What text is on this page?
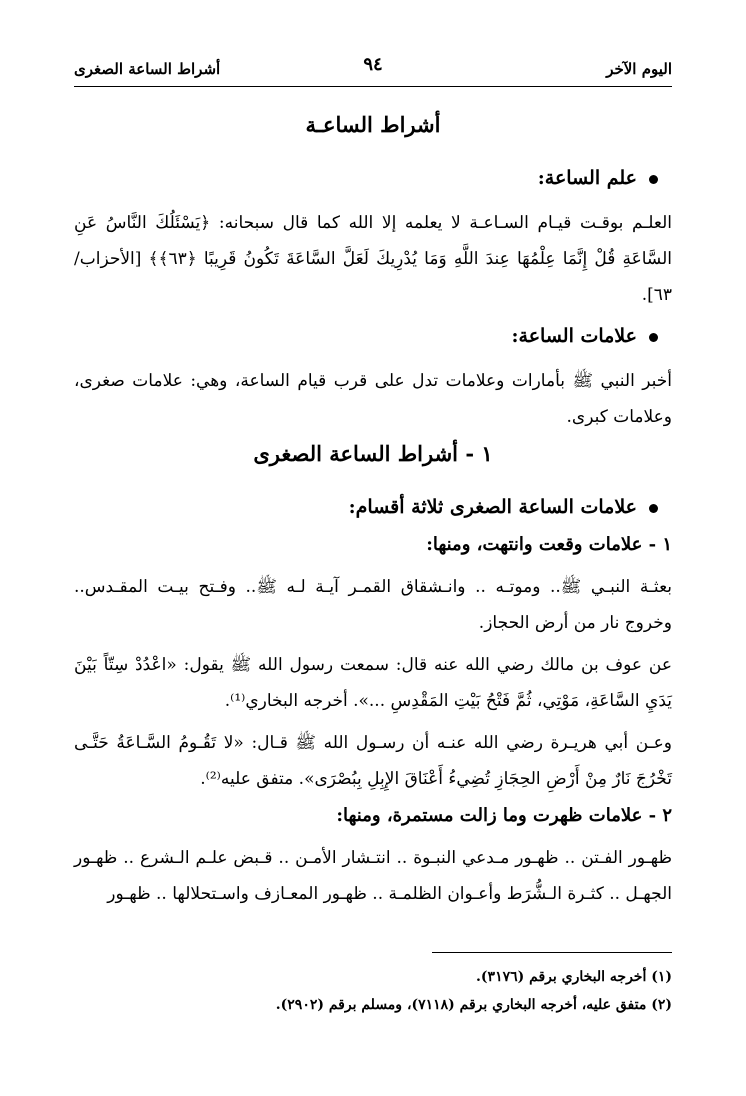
اليوم الآخر
٩٤
أشراط الساعة الصغرى
أشراط الساعـة
علم الساعة:

العلـم بوقـت قيـام السـاعـة لا يعلمه إلا الله كما قال سبحانه: ﴿يَسْئَلُكَ النَّاسُ عَنِ السَّاعَةِ قُلْ إِنَّمَا عِلْمُهَا عِندَ اللَّهِ وَمَا يُدْرِيكَ لَعَلَّ السَّاعَةَ تَكُونُ قَرِيبًا ﴿٦٣﴾﴾ [الأحزاب/٦٣].

علامات الساعة:

أخبر النبي ﷺ بأمارات وعلامات تدل على قرب قيام الساعة، وهي: علامات صغرى، وعلامات كبرى.

١ - أشراط الساعة الصغرى
علامات الساعة الصغرى ثلاثة أقسام:
١ - علامات وقعت وانتهت، ومنها:

بعثـة النبـي ﷺ.. وموتـه .. وانـشقاق القمـر آيـة لـه ﷺ.. وفـتح بيـت المقـدس.. وخروج نار من أرض الحجاز.

عن عوف بن مالك رضي الله عنه قال: سمعت رسول الله ﷺ يقول: «اعْدُدْ سِتّاً بَيْنَ يَدَيِ السَّاعَةِ، مَوْتِي، ثُمَّ فَتْحُ بَيْتِ المَقْدِسِ ...». أخرجه البخاري⁽¹⁾.

وعـن أبي هريـرة رضي الله عنـه أن رسـول الله ﷺ قـال: «لا تَقُـومُ السَّـاعَةُ حَتَّـى تَخْرُجَ نَارٌ مِنْ أَرْضِ الحِجَازِ تُضِيءُ أَعْنَاقَ الإِبِلِ بِبُصْرَى». متفق عليه⁽²⁾.

٢ - علامات ظهرت وما زالت مستمرة، ومنها:

ظهـور الفـتن .. ظهـور مـدعي النبـوة .. انتـشار الأمـن .. قـبض علـم الـشرع .. ظهـور الجهـل .. كثـرة الـشُّرَط وأعـوان الظلمـة .. ظهـور المعـازف واسـتحلالها .. ظهـور

(١) أخرجه البخاري برقم (٣١٧٦).
(٢) متفق عليه، أخرجه البخاري برقم (٧١١٨)، ومسلم برقم (٢٩٠٢).
